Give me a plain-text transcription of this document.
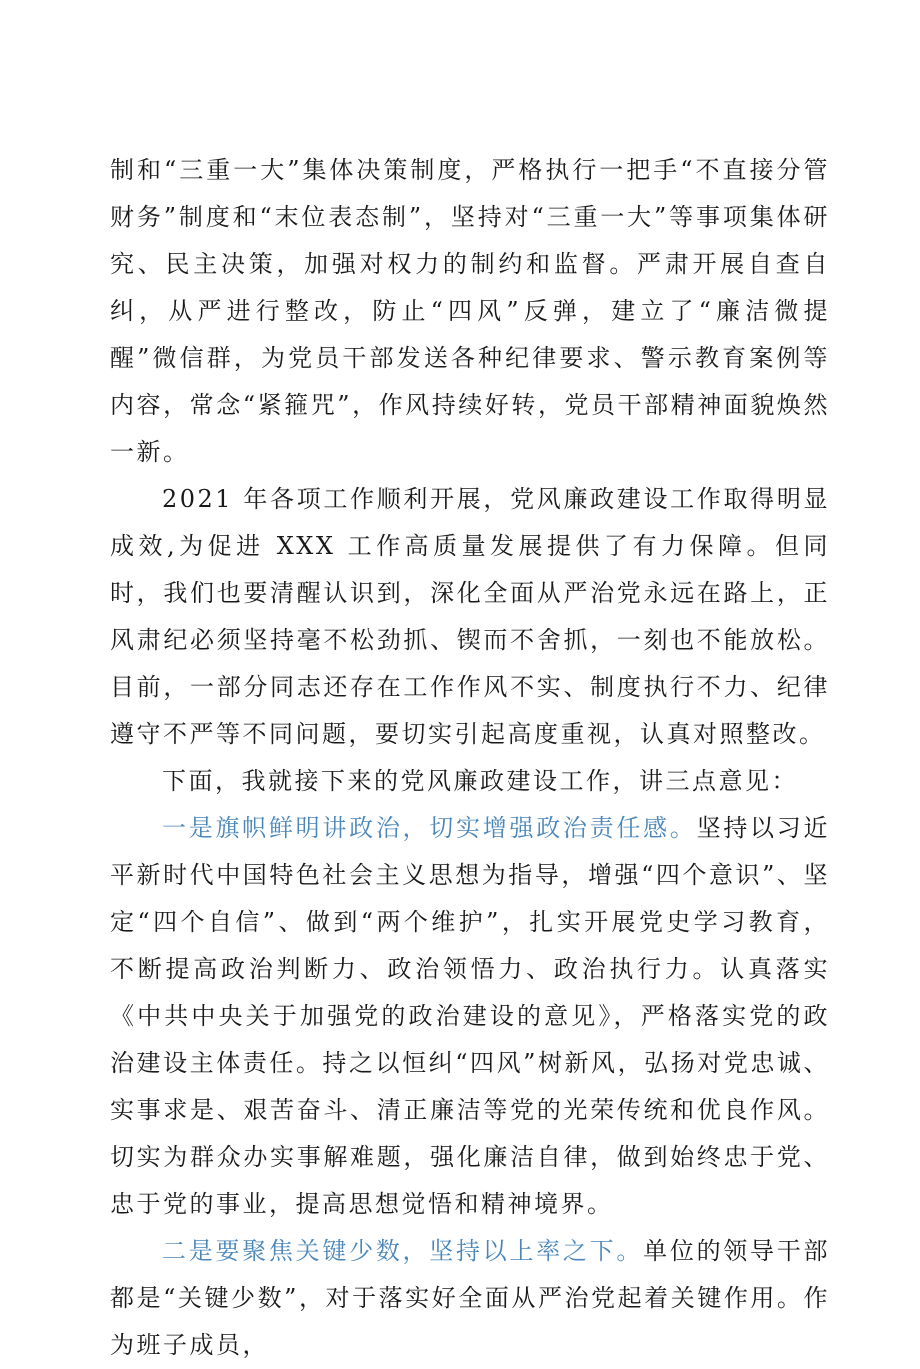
制和“三重一大”集体决策制度，严格执行一把手“不直接分管财务”制度和“末位表态制”，坚持对“三重一大”等事项集体研究、民主决策，加强对权力的制约和监督。严肃开展自查自纠，从严进行整改，防止“四风”反弹，建立了“廉洁微提醒”微信群，为党员干部发送各种纪律要求、警示教育案例等内容，常念“紧箍咒”，作风持续好转，党员干部精神面貌焕然一新。

2021 年各项工作顺利开展，党风廉政建设工作取得明显成效,为促进 XXX 工作高质量发展提供了有力保障。但同时，我们也要清醒认识到，深化全面从严治党永远在路上，正风肃纪必须坚持毫不松劲抓、锲而不舍抓，一刻也不能放松。目前，一部分同志还存在工作作风不实、制度执行不力、纪律遵守不严等不同问题，要切实引起高度重视，认真对照整改。

下面，我就接下来的党风廉政建设工作，讲三点意见：

一是旗帜鲜明讲政治，切实增强政治责任感。坚持以习近平新时代中国特色社会主义思想为指导，增强“四个意识”、坚定“四个自信”、做到“两个维护”，扎实开展党史学习教育，不断提高政治判断力、政治领悟力、政治执行力。认真落实《中共中央关于加强党的政治建设的意见》，严格落实党的政治建设主体责任。持之以恒纠“四风”树新风，弘扬对党忠诚、实事求是、艰苦奋斗、清正廉洁等党的光荣传统和优良作风。切实为群众办实事解难题，强化廉洁自律，做到始终忠于党、忠于党的事业，提高思想觉悟和精神境界。

二是要聚焦关键少数，坚持以上率之下。单位的领导干部都是“关键少数”，对于落实好全面从严治党起着关键作用。作为班子成员，
